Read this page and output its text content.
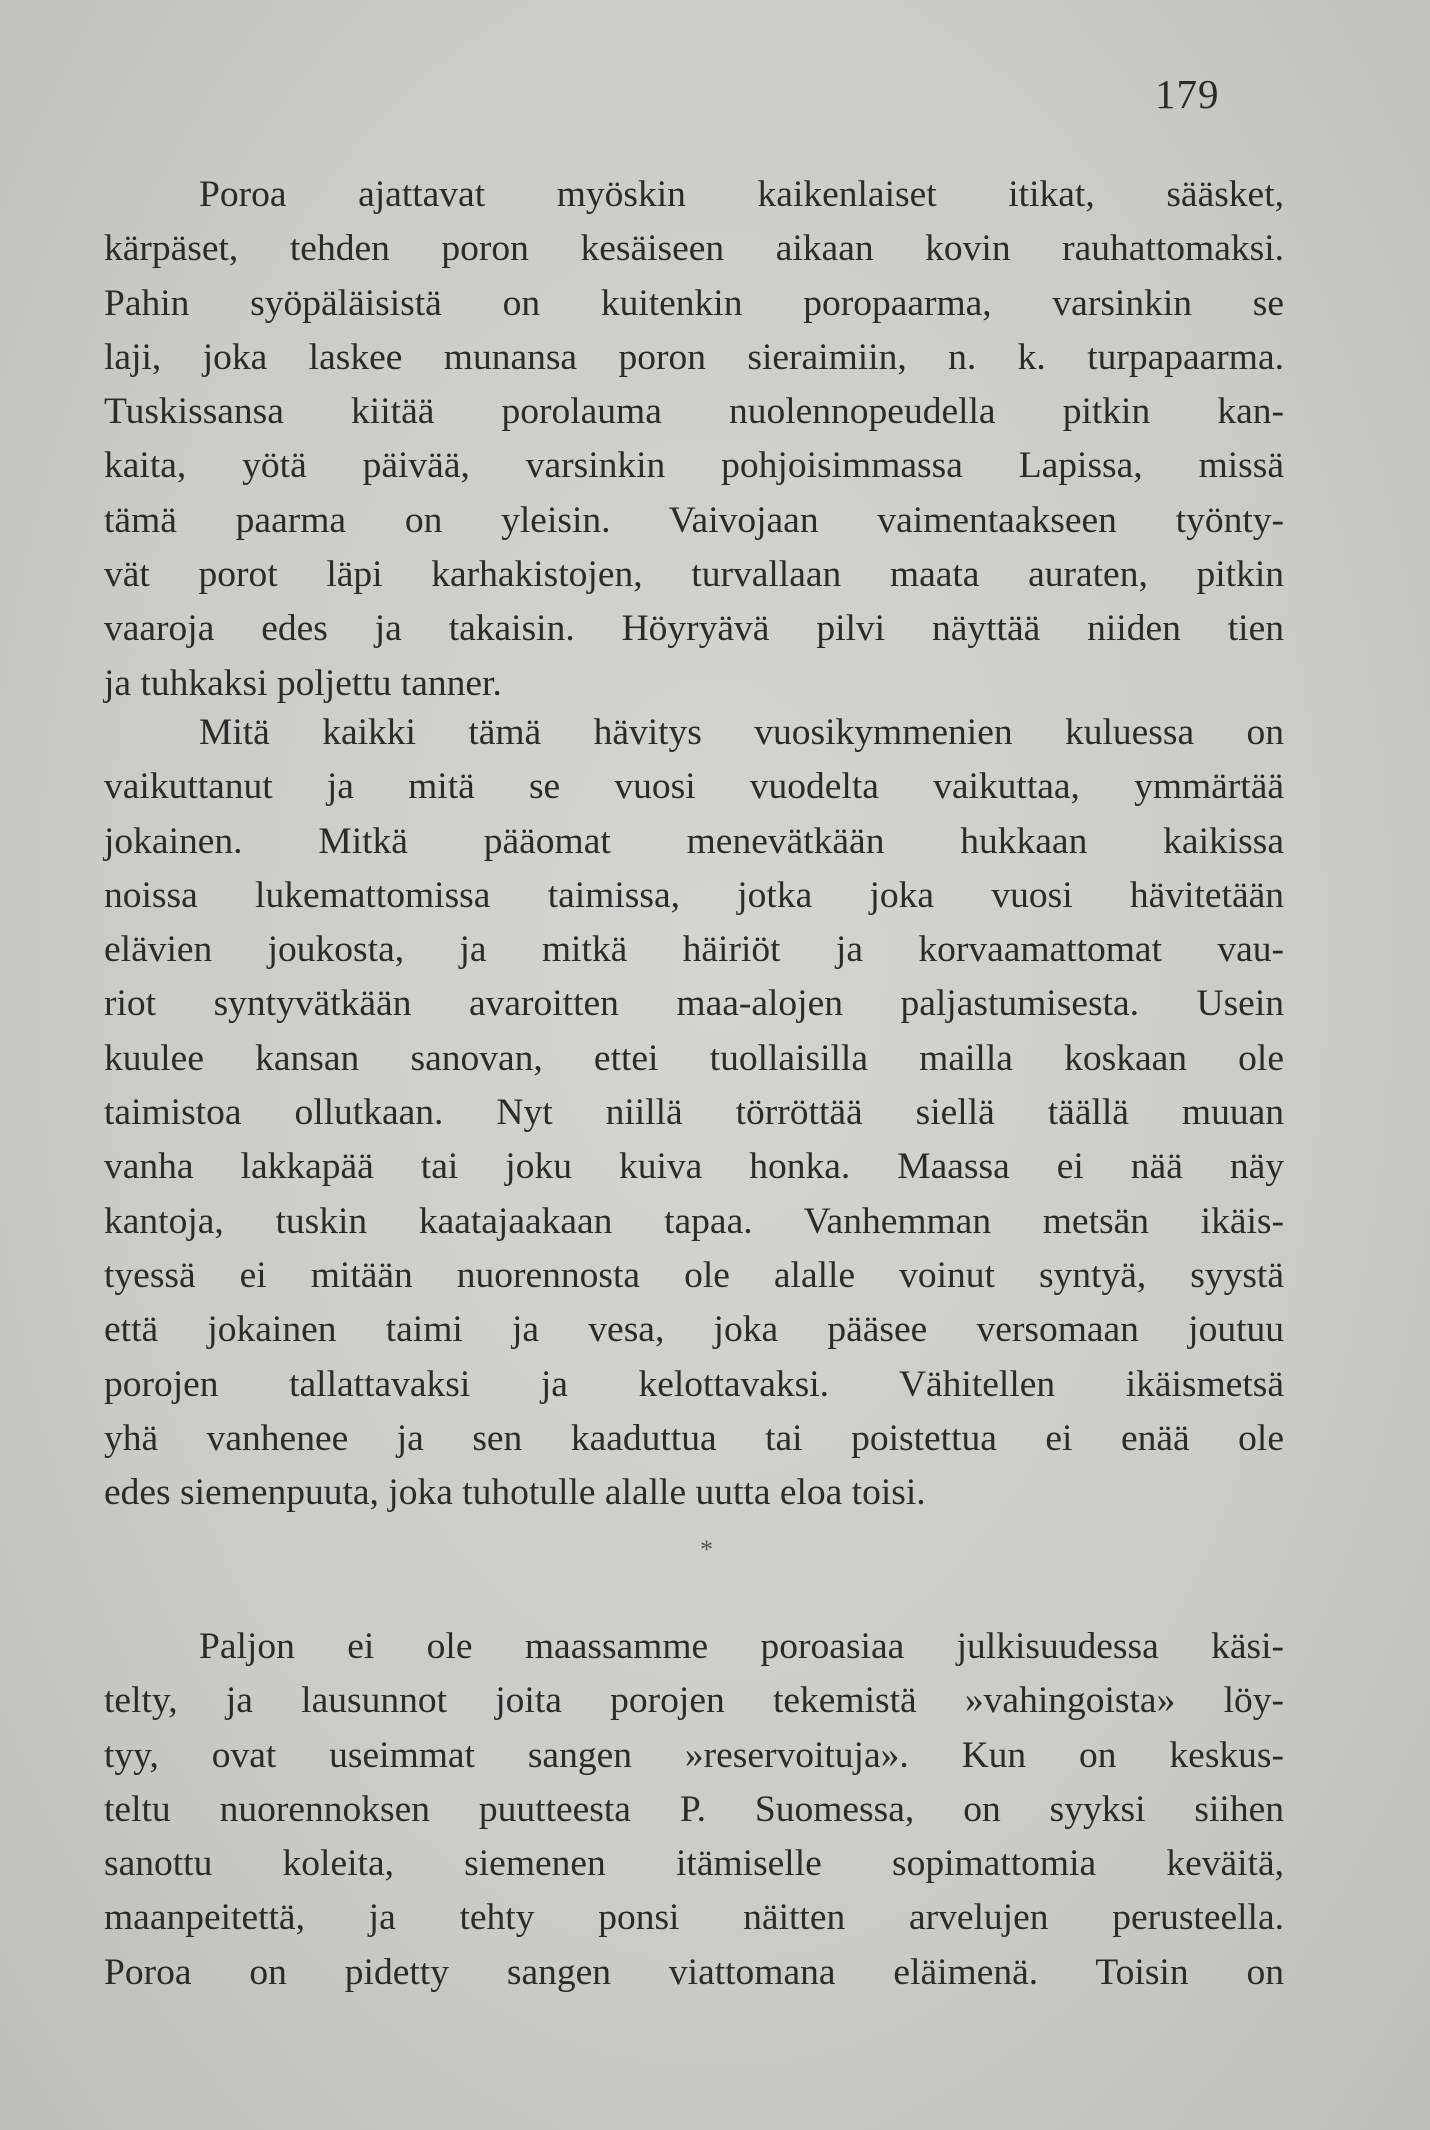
179
Poroa ajattavat myöskin kaikenlaiset itikat, sääsket,
kärpäset, tehden poron kesäiseen aikaan kovin rauhattomaksi.
Pahin syöpäläisistä on kuitenkin poropaarma, varsinkin se
laji, joka laskee munansa poron sieraimiin, n. k. turpapaarma.
Tuskissansa kiitää porolauma nuolennopeudella pitkin kan-
kaita, yötä päivää, varsinkin pohjoisimmassa Lapissa, missä
tämä paarma on yleisin. Vaivojaan vaimentaakseen työnty-
vät porot läpi karhakistojen, turvallaan maata auraten, pitkin
vaaroja edes ja takaisin. Höyryävä pilvi näyttää niiden tien
ja tuhkaksi poljettu tanner.
Mitä kaikki tämä hävitys vuosikymmenien kuluessa on
vaikuttanut ja mitä se vuosi vuodelta vaikuttaa, ymmärtää
jokainen. Mitkä pääomat menevätkään hukkaan kaikissa
noissa lukemattomissa taimissa, jotka joka vuosi hävitetään
elävien joukosta, ja mitkä häiriöt ja korvaamattomat vau-
riot syntyvätkään avaroitten maa-alojen paljastumisesta. Usein
kuulee kansan sanovan, ettei tuollaisilla mailla koskaan ole
taimistoa ollutkaan. Nyt niillä törröttää siellä täällä muuan
vanha lakkapää tai joku kuiva honka. Maassa ei nää näy
kantoja, tuskin kaatajaakaan tapaa. Vanhemman metsän ikäis-
tyessä ei mitään nuorennosta ole alalle voinut syntyä, syystä
että jokainen taimi ja vesa, joka pääsee versomaan joutuu
porojen tallattavaksi ja kelottavaksi. Vähitellen ikäismetsä
yhä vanhenee ja sen kaaduttua tai poistettua ei enää ole
edes siemenpuuta, joka tuhotulle alalle uutta eloa toisi.
*
Paljon ei ole maassamme poroasiaa julkisuudessa käsi-
telty, ja lausunnot joita porojen tekemistä »vahingoista» löy-
tyy, ovat useimmat sangen »reservoituja». Kun on keskus-
teltu nuorennoksen puutteesta P. Suomessa, on syyksi siihen
sanottu koleita, siemenen itämiselle sopimattomia keväitä,
maanpeitettä, ja tehty ponsi näitten arvelujen perusteella.
Poroa on pidetty sangen viattomana eläimenä. Toisin on
